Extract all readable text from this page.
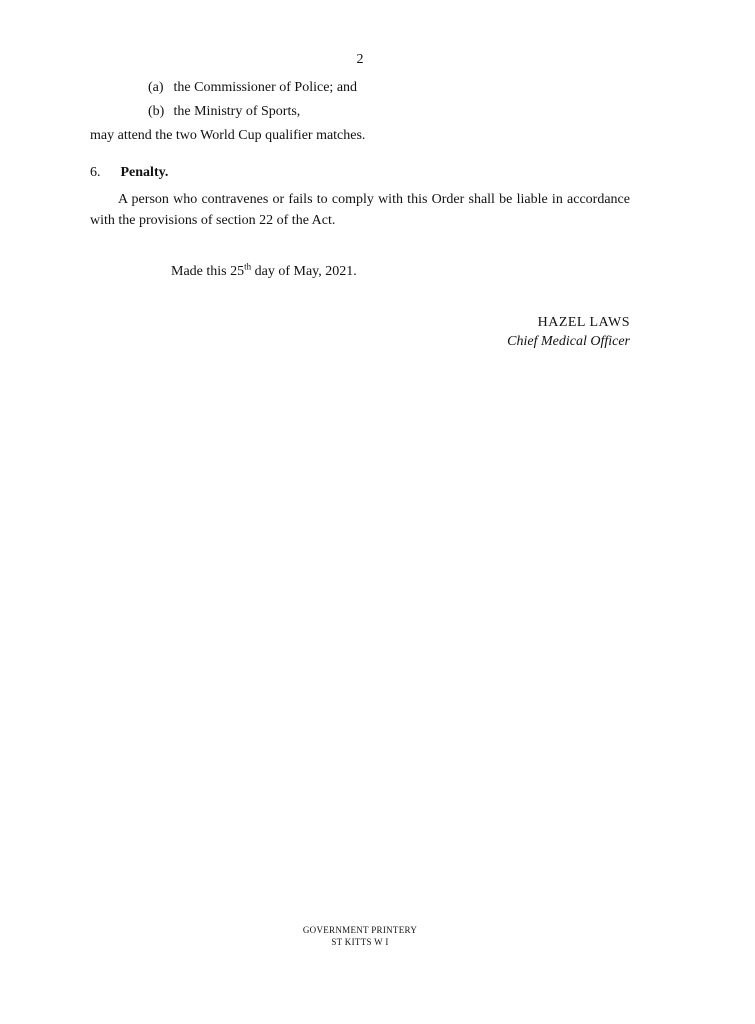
2
(a) the Commissioner of Police; and
(b) the Ministry of Sports,
may attend the two World Cup qualifier matches.
6. Penalty.
A person who contravenes or fails to comply with this Order shall be liable in accordance with the provisions of section 22 of the Act.
Made this 25th day of May, 2021.
HAZEL LAWS
Chief Medical Officer
GOVERNMENT PRINTERY
ST KITTS W I
